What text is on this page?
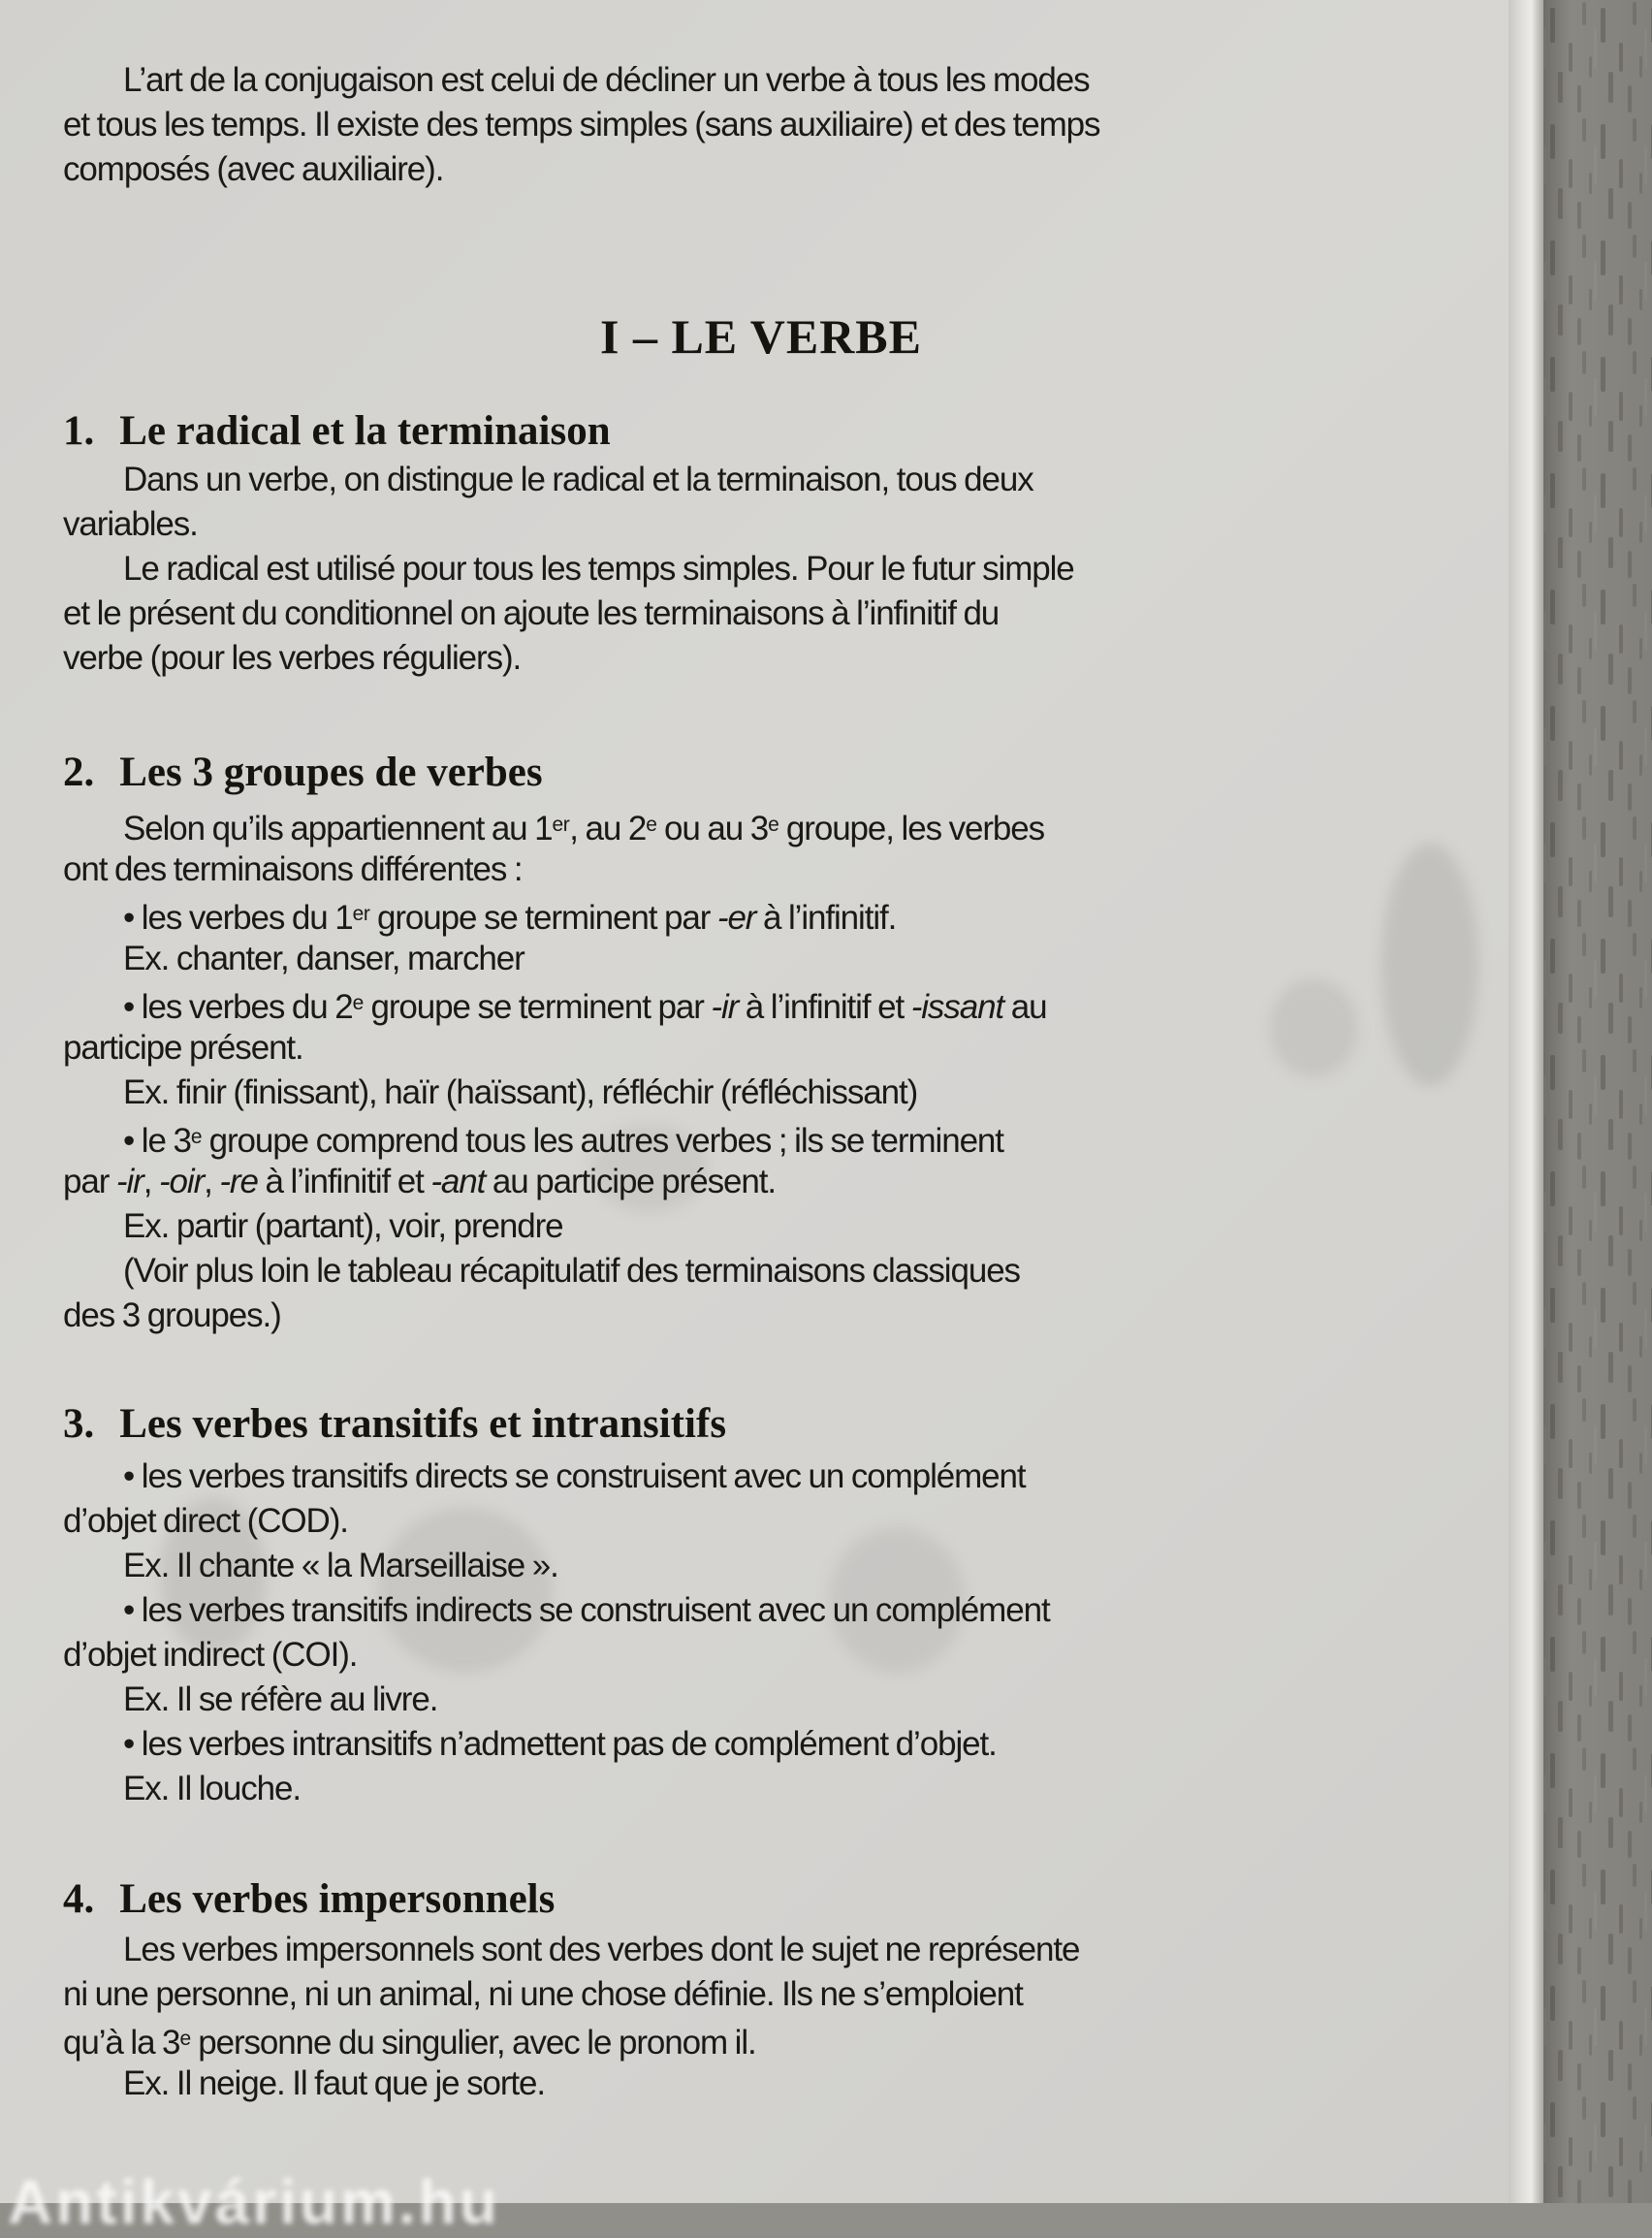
L’art de la conjugaison est celui de décliner un verbe à tous les modes
et tous les temps. Il existe des temps simples (sans auxiliaire) et des temps
composés (avec auxiliaire).
I – LE VERBE
1. Le radical et la terminaison
Dans un verbe, on distingue le radical et la terminaison, tous deux
variables.
Le radical est utilisé pour tous les temps simples. Pour le futur simple
et le présent du conditionnel on ajoute les terminaisons à l’infinitif du
verbe (pour les verbes réguliers).
2. Les 3 groupes de verbes
Selon qu’ils appartiennent au 1er, au 2e ou au 3e groupe, les verbes
ont des terminaisons différentes :
• les verbes du 1er groupe se terminent par -er à l’infinitif.
Ex. chanter, danser, marcher
• les verbes du 2e groupe se terminent par -ir à l’infinitif et -issant au
participe présent.
Ex. finir (finissant), haïr (haïssant), réfléchir (réfléchissant)
• le 3e groupe comprend tous les autres verbes ; ils se terminent
par -ir, -oir, -re à l’infinitif et -ant au participe présent.
Ex. partir (partant), voir, prendre
(Voir plus loin le tableau récapitulatif des terminaisons classiques
des 3 groupes.)
3. Les verbes transitifs et intransitifs
• les verbes transitifs directs se construisent avec un complément
d’objet direct (COD).
Ex. Il chante « la Marseillaise ».
• les verbes transitifs indirects se construisent avec un complément
d’objet indirect (COI).
Ex. Il se réfère au livre.
• les verbes intransitifs n’admettent pas de complément d’objet.
Ex. Il louche.
4. Les verbes impersonnels
Les verbes impersonnels sont des verbes dont le sujet ne représente
ni une personne, ni un animal, ni une chose définie. Ils ne s’emploient
qu’à la 3e personne du singulier, avec le pronom il.
Ex. Il neige. Il faut que je sorte.
Antikvárium.hu
